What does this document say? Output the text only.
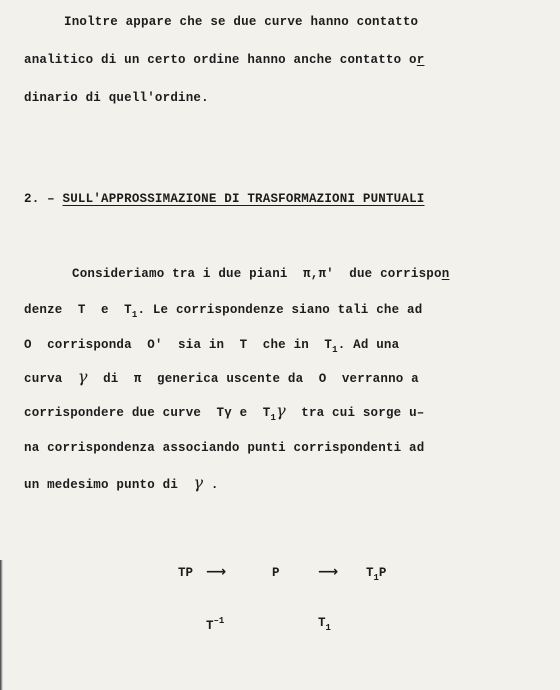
Inoltre appare che se due curve hanno contatto
analitico di un certo ordine hanno anche contatto or
dinario di quell'ordine.
2. – SULL'APPROSSIMAZIONE DI TRASFORMAZIONI PUNTUALI
Consideriamo tra i due piani π,π' due corrispon
denze T e $T_1$. Le corrispondenze siano tali che ad
O corrisponda O' sia in T che in $T_1$. Ad una
curva γ di π generica uscente da O verranno a
corrispondere due curve Tγ e $T_1\gamma$ tra cui sorge u–
na corrispondenza associando punti corrispondenti ad
un medesimo punto di γ .
TP ⟶	P	⟶ $T_1P$
$T^{-1}$	$T_1$
